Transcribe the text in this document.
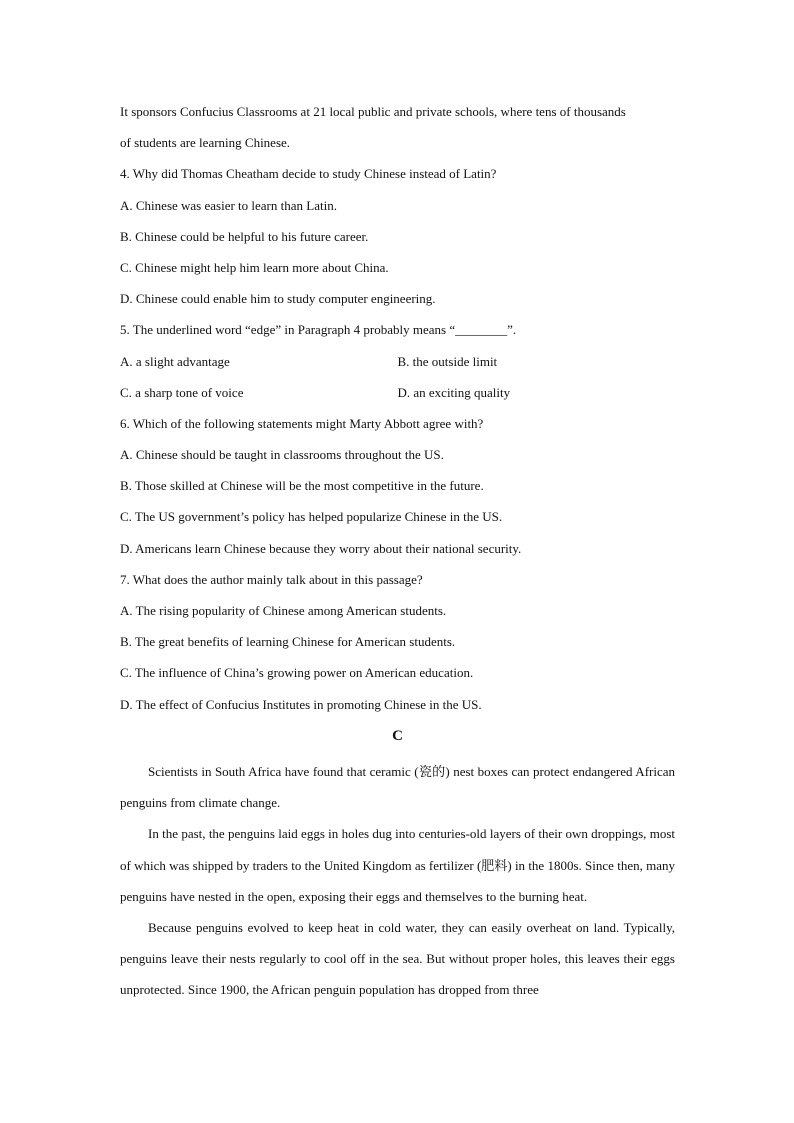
It sponsors Confucius Classrooms at 21 local public and private schools, where tens of thousands
of students are learning Chinese.
4. Why did Thomas Cheatham decide to study Chinese instead of Latin?
A. Chinese was easier to learn than Latin.
B. Chinese could be helpful to his future career.
C. Chinese might help him learn more about China.
D. Chinese could enable him to study computer engineering.
5. The underlined word “edge” in Paragraph 4 probably means “________”.
A. a slight advantage	B. the outside limit
C. a sharp tone of voice	D. an exciting quality
6. Which of the following statements might Marty Abbott agree with?
A. Chinese should be taught in classrooms throughout the US.
B. Those skilled at Chinese will be the most competitive in the future.
C. The US government’s policy has helped popularize Chinese in the US.
D. Americans learn Chinese because they worry about their national security.
7. What does the author mainly talk about in this passage?
A. The rising popularity of Chinese among American students.
B. The great benefits of learning Chinese for American students.
C. The influence of China’s growing power on American education.
D. The effect of Confucius Institutes in promoting Chinese in the US.
C

Scientists in South Africa have found that ceramic (瓷的) nest boxes can protect endangered African penguins from climate change.

In the past, the penguins laid eggs in holes dug into centuries-old layers of their own droppings, most of which was shipped by traders to the United Kingdom as fertilizer (肥料) in the 1800s. Since then, many penguins have nested in the open, exposing their eggs and themselves to the burning heat.

Because penguins evolved to keep heat in cold water, they can easily overheat on land. Typically, penguins leave their nests regularly to cool off in the sea. But without proper holes, this leaves their eggs unprotected. Since 1900, the African penguin population has dropped from three
